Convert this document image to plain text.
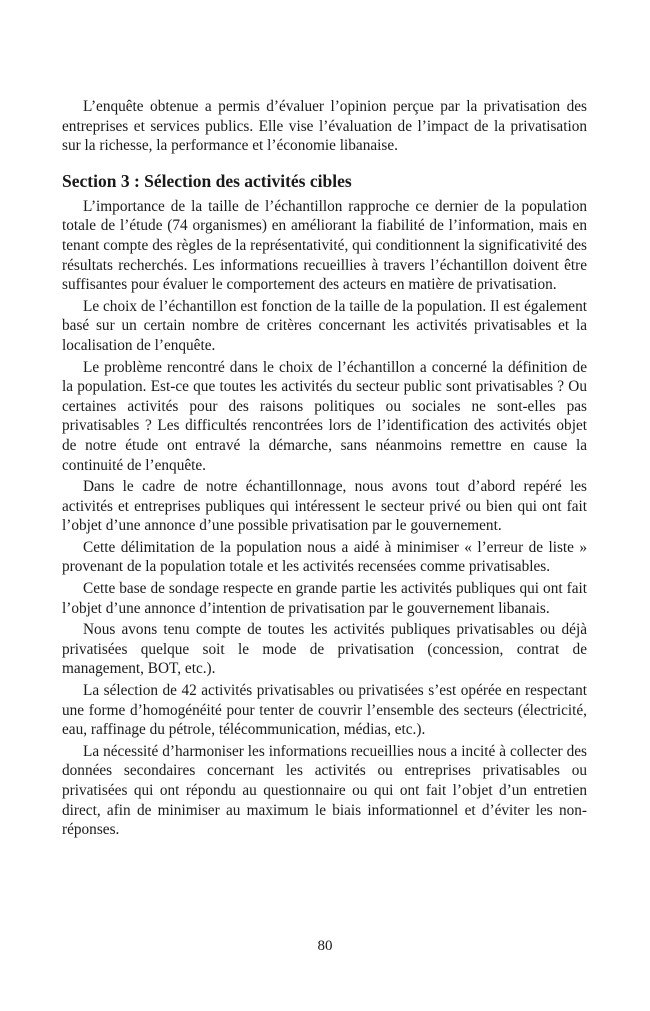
L’enquête obtenue a permis d’évaluer l’opinion perçue par la privatisation des entreprises et services publics. Elle vise l’évaluation de l’impact de la privatisation sur la richesse, la performance et l’économie libanaise.

Section 3 : Sélection des activités cibles

L’importance de la taille de l’échantillon rapproche ce dernier de la population totale de l’étude (74 organismes) en améliorant la fiabilité de l’information, mais en tenant compte des règles de la représentativité, qui conditionnent la significativité des résultats recherchés. Les informations recueillies à travers l’échantillon doivent être suffisantes pour évaluer le comportement des acteurs en matière de privatisation.

Le choix de l’échantillon est fonction de la taille de la population. Il est également basé sur un certain nombre de critères concernant les activités privatisables et la localisation de l’enquête.

Le problème rencontré dans le choix de l’échantillon a concerné la définition de la population. Est-ce que toutes les activités du secteur public sont privatisables ? Ou certaines activités pour des raisons politiques ou sociales ne sont-elles pas privatisables ? Les difficultés rencontrées lors de l’identification des activités objet de notre étude ont entravé la démarche, sans néanmoins remettre en cause la continuité de l’enquête.

Dans le cadre de notre échantillonnage, nous avons tout d’abord repéré les activités et entreprises publiques qui intéressent le secteur privé ou bien qui ont fait l’objet d’une annonce d’une possible privatisation par le gouvernement.

Cette délimitation de la population nous a aidé à minimiser « l’erreur de liste » provenant de la population totale et les activités recensées comme privatisables.

Cette base de sondage respecte en grande partie les activités publiques qui ont fait l’objet d’une annonce d’intention de privatisation par le gouvernement libanais.

Nous avons tenu compte de toutes les activités publiques privatisables ou déjà privatisées quelque soit le mode de privatisation (concession, contrat de management, BOT, etc.).

La sélection de 42 activités privatisables ou privatisées s’est opérée en respectant une forme d’homogénéité pour tenter de couvrir l’ensemble des secteurs (électricité, eau, raffinage du pétrole, télécommunication, médias, etc.).

La nécessité d’harmoniser les informations recueillies nous a incité à collecter des données secondaires concernant les activités ou entreprises privatisables ou privatisées qui ont répondu au questionnaire ou qui ont fait l’objet d’un entretien direct, afin de minimiser au maximum le biais informationnel et d’éviter les non-réponses.

80
